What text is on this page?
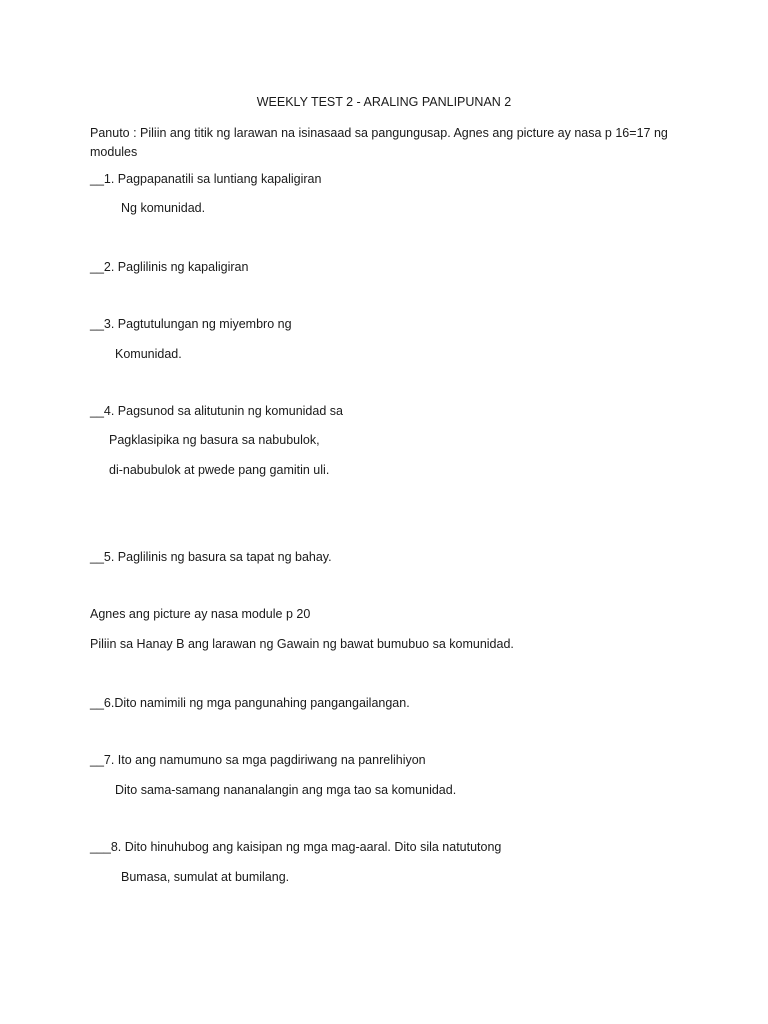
WEEKLY TEST 2 - ARALING PANLIPUNAN 2
Panuto : Piliin ang titik ng larawan na isinasaad sa pangungusap. Agnes ang picture ay nasa p 16=17 ng modules
__1. Pagpapanatili sa luntiang kapaligiran
Ng komunidad.
__2. Paglilinis ng kapaligiran
__3. Pagtutulungan ng miyembro ng
Komunidad.
__4. Pagsunod sa alitutunin ng komunidad sa
Pagklasipika ng basura sa nabubulok,
di-nabubulok at pwede pang gamitin uli.
__5. Paglilinis ng basura sa tapat ng bahay.
Agnes ang picture ay nasa module p 20
Piliin sa Hanay B ang larawan ng Gawain ng bawat bumubuo sa komunidad.
__6.Dito namimili ng mga pangunahing pangangailangan.
__7. Ito ang namumuno sa mga pagdiriwang na panrelihiyon
Dito sama-samang nananalangin ang mga tao sa komunidad.
___8. Dito hinuhubog ang kaisipan ng mga mag-aaral. Dito sila natututong
Bumasa, sumulat at bumilang.
